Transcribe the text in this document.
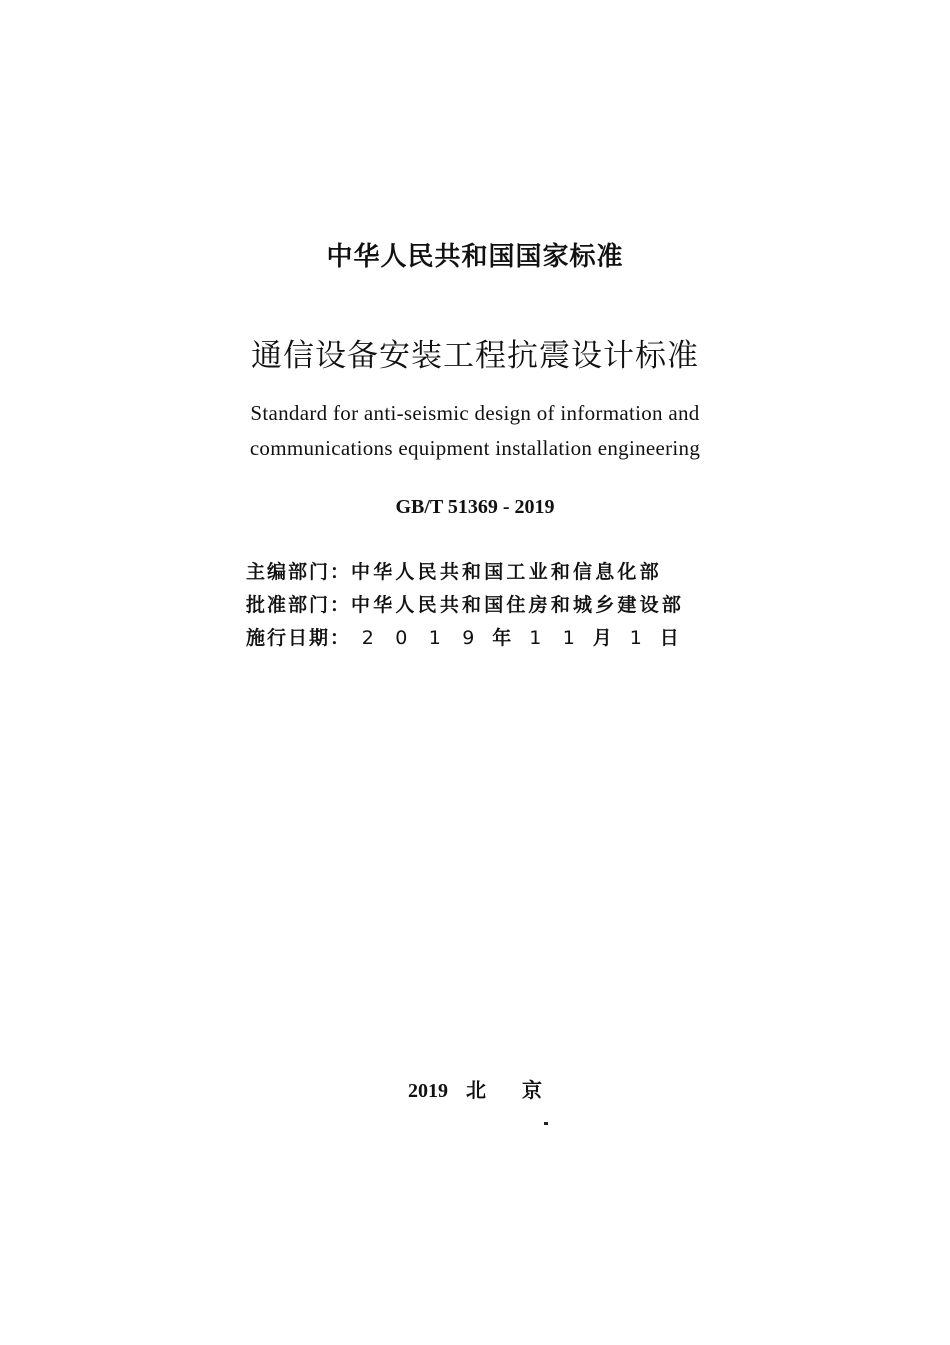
中华人民共和国国家标准
通信设备安装工程抗震设计标准
Standard for anti-seismic design of information and
communications equipment installation engineering
GB/T 51369 - 2019
主编部门：中华人民共和国工业和信息化部
批准部门：中华人民共和国住房和城乡建设部
施行日期： 2 0 1 9 年 1 1 月 1 日
2019 北京
